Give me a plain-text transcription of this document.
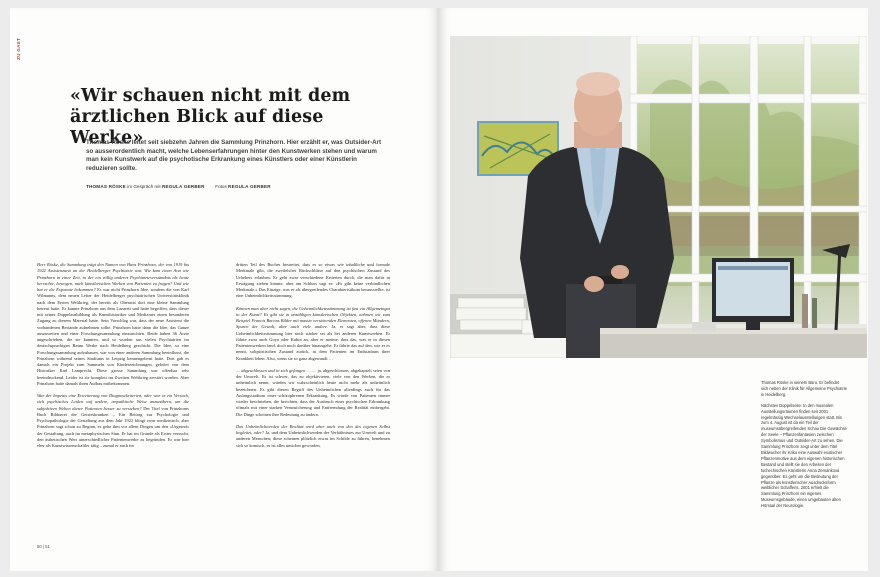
ZU GAST
«Wir schauen nicht mit dem ärztlichen Blick auf diese Werke»

Thomas Röske leitet seit siebzehn Jahren die Sammlung Prinzhorn. Hier erzählt er, was Outsider-Art so ausserordentlich macht, welche Lebenserfahrungen hinter den Kunstwerken stehen und warum man kein Kunstwerk auf die psychotische Erkrankung eines Künstlers oder einer Künstlerin reduzieren sollte.

THOMAS RÖSKE im Gespräch mit REGULA GERBER Fotos REGULA GERBER

Herr Röske, die Sammlung trägt den Namen von Hans Prinzhorn, der von 1919 bis 1922 Assistenzarzt an der Heidelberger Psychiatrie war. Wie kam einen Arzt wie Prinzhorn in einer Zeit, in der ein völlig anderes Psychiatrieverständnis als heute herrschte, bewogen, nach künstlerischen Werken von Patienten zu fragen? Und wie hat er die Exponate bekommen? Es war nicht Prinzhorn Idee, sondern die von Karl Wilmanns, dem neuen Leiter der Heidelberger psychiatrischen Universitätsklinik nach dem Ersten Weltkrieg, der bereits als Oberarzt dort eine kleine Sammlung betreut hatte. Er kannte Prinzhorn aus dem Lazarett und hatte begriffen, dass dieser mit seiner Doppelausbildung als Kunsthistoriker und Mediziner einen besonderen Zugang zu diesem Material hatte. Sein Vorschlag war, dass der neue Assistent die vorhandenen Bestände aufnehmen sollte. Prinzhorn hatte dann die Idee, das Ganze auszuweiten und einer Forschungssammlung einzurichten. Beide haben 36 Ärzte angeschrieben, die sie kannten, und so wurden aus vielen Psychiatrien im deutschsprachigen Raum Werke nach Heidelberg geschickt. Die Idee, so eine Forschungssammlung aufzubauen, war von einer anderen Sammlung beeinflusst, die Prinzhorn während seines Studiums in Leipzig kennengelernt hatte. Dort gab es damals ein Projekt zum Sammeln von Kinderzeichnungen, geleitet von dem Historiker Karl Lamprecht. Diese grosse Sammlung war offenbar sehr beeindruckend. Leider ist sie komplett im Zweiten Weltkrieg zerstört worden. Aber Prinzhorn hatte damals ihren Aufbau mitbekommen.

War der Impetus eine Erweiterung von Diagnosekriterien, oder war es ein Versuch, sich psychisches Leiden auf andere, empathische Weise anzunähern, um die subjektiven Welten dieser Patienten besser zu verstehen? Der Titel von Prinzhorns Buch Bildnerei der Geisteskranken – Ein Beitrag zur Psychologie und Psychopathologie der Gestaltung aus dem Jahr 1922 klingt zwar medizinisch, aber Prinzhorn sagt schon zu Beginn, es gehe ihm vor allem Dingen um den «Urgrund» der Gestaltung, auch im metaphysischen Sinn. Er hat im Grunde als Erster versucht, den ästhetischen Wert unterschiedlicher Patientenwerke zu begründen. Er war hier eher als Kunstwissenschaftler tätig – zumal er auch im

dritten Teil des Buches bestreitet, dass es so etwas wie inhaltliche und formale Merkmale gibt, die zweifelsfrei Rückschlüsse auf den psychischen Zustand des Urhebers erlauben. Er geht zwar verschiedene Kriterien durch, die man dafür in Erwägung ziehen könnte, aber am Schluss sagt er: «Es gibt keine verbindlichen Merkmale.» Das Einzige, was er als übergreifendes Charakteristikum herausstellte, ist eine Unheimlichkeitsstimmung.

Können man aber nicht sagen, die Unheimlichkeitsstimmung ist fast ein Allgemeingut in der Kunst? Es gibt sie in unzähligen künstlerischen Objekten, nehmen wir zum Beispiel Francis Bacons Bilder mit massiv verstörenden Elementen, offenen Mündern, Spuren der Gewalt, aber auch viele andere. Ja, er sagt aber, dass diese Unheimlichkeitsstimmung hier noch stärker sei als bei anderen Kunstwerken. Er führte zwar auch Goya oder Kubin an, aber er meinte, dass das, was er in diesen Patientenwerken fand, doch noch darüber hinausgehe. Er führte das auf den, wie er es nennt, solipsistischen Zustand zurück, in dem Patienten im Endstadium ihrer Krankheit leben. Also, wenn sie so ganz abgewandt …

… abgeschlossen und in sich gefangen … … ja, abgeschlossen, abgekapselt seien von der Umwelt. Es ist schwer, das zu objektivieren, viele von den Werken, die er unheimlich nennt, würden wir wahrscheinlich heute nicht mehr als unheimlich bezeichnen. Es gibt diesen Begriff des Unheimlichen allerdings auch für das Anfangsstadium einer schizophrenen Erkrankung. Es wurde von Patienten immer wieder beschrieben, die berichten, dass der Ausbruch einer psychischen Erkrankung oftmals mit einer starken Verunsicherung und Entfremdung der Realität einhergeht. Die Dinge scheinen ihre Bedeutung zu ändern.

Das Unheimlichwerden der Realität wird aber auch von den des eigenen Selbst begleitet, oder? Ja, und dem Unheimlichwerden der Verhältnisses zur Umwelt und zu anderen Menschen; diese scheinen plötzlich etwas im Schilde zu führen, benehmen sich so komisch, es ist alles unsicher geworden,

50 | 51

Thomas Röske in seinem Büro. Er befindet sich neben der Klinik für Allgemeine Psychiatrie in Heidelberg.

Nächstes Doppelseite: In den musealen Ausstellungsräumen finden seit 2001 regelmässig Wechselausstellungen statt. Bis zum 4. August ist da ein Teil der museumsübergreifenden Schau Die Gewächse der Seele – Pflanzenfantasien zwischen Symbolismus und Outsider-Art zu sehen. Die Sammlung Prinzhorn zeigt unter dem Titel Bildwucher ihr Kriko eine Auswahl exotischer Pflanzenmotive aus dem eigenen historischen Bestand und stellt sie den Arbeiten der tschechischen Künstlerin Anna Zemánková gegenüber. Es geht um die Bedeutung der Pflanze als künstlerischer Ausdrucksform weiblicher Schaffens. 2001 erhielt die Sammlung Prinzhorn ein eigenes Museumsgebäude, einen umgebauten alten Hörsaal der Neurologie.
